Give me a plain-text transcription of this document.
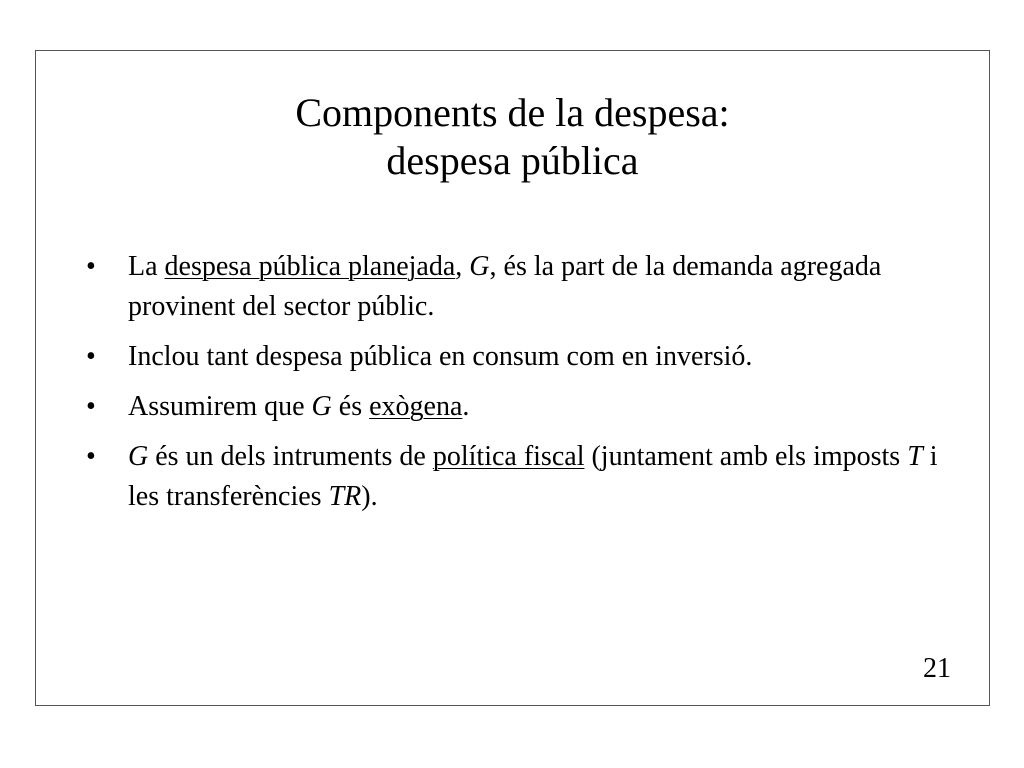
Components de la despesa:
despesa pública
• La despesa pública planejada, G, és la part de la demanda agregada provinent del sector públic.
• Inclou tant despesa pública en consum com en inversió.
• Assumirem que G és exògena.
• G és un dels intruments de política fiscal (juntament amb els imposts T i les transferències TR).
21
